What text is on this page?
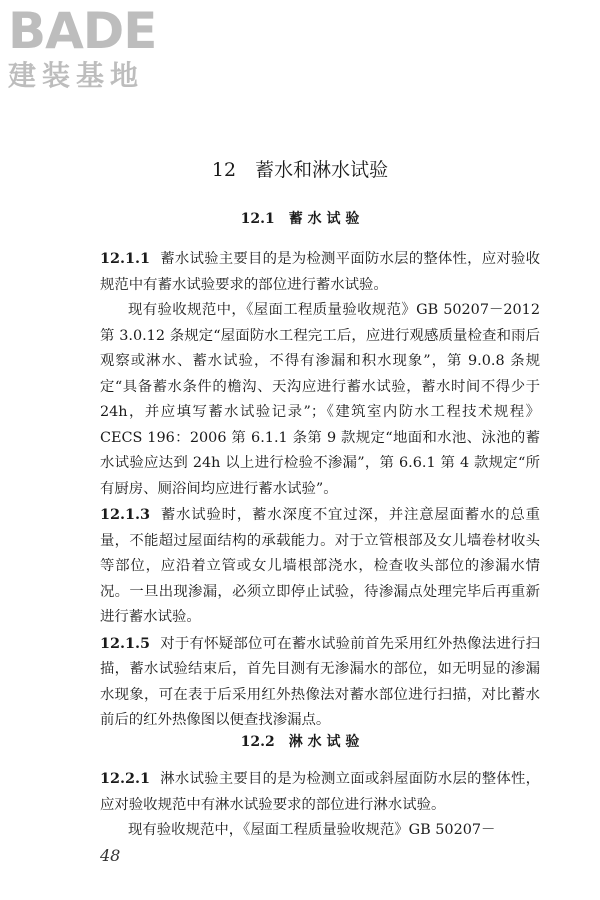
BADE
建装基地
12　蓄水和淋水试验
12.1　蓄 水 试 验

12.1.1 蓄水试验主要目的是为检测平面防水层的整体性，应对验收规范中有蓄水试验要求的部位进行蓄水试验。

现有验收规范中，《屋面工程质量验收规范》GB 50207－2012 第 3.0.12 条规定“屋面防水工程完工后，应进行观感质量检查和雨后观察或淋水、蓄水试验，不得有渗漏和积水现象”，第 9.0.8 条规定“具备蓄水条件的檐沟、天沟应进行蓄水试验，蓄水时间不得少于 24h，并应填写蓄水试验记录”；《建筑室内防水工程技术规程》CECS 196：2006 第 6.1.1 条第 9 款规定“地面和水池、泳池的蓄水试验应达到 24h 以上进行检验不渗漏”，第 6.6.1 第 4 款规定“所有厨房、厕浴间均应进行蓄水试验”。

12.1.3 蓄水试验时，蓄水深度不宜过深，并注意屋面蓄水的总重量，不能超过屋面结构的承载能力。对于立管根部及女儿墙卷材收头等部位，应沿着立管或女儿墙根部浇水，检查收头部位的渗漏水情况。一旦出现渗漏，必须立即停止试验，待渗漏点处理完毕后再重新进行蓄水试验。

12.1.5 对于有怀疑部位可在蓄水试验前首先采用红外热像法进行扫描，蓄水试验结束后，首先目测有无渗漏水的部位，如无明显的渗漏水现象，可在表于后采用红外热像法对蓄水部位进行扫描，对比蓄水前后的红外热像图以便查找渗漏点。

12.2　淋 水 试 验

12.2.1 淋水试验主要目的是为检测立面或斜屋面防水层的整体性，应对验收规范中有淋水试验要求的部位进行淋水试验。

现有验收规范中，《屋面工程质量验收规范》GB 50207－

48
